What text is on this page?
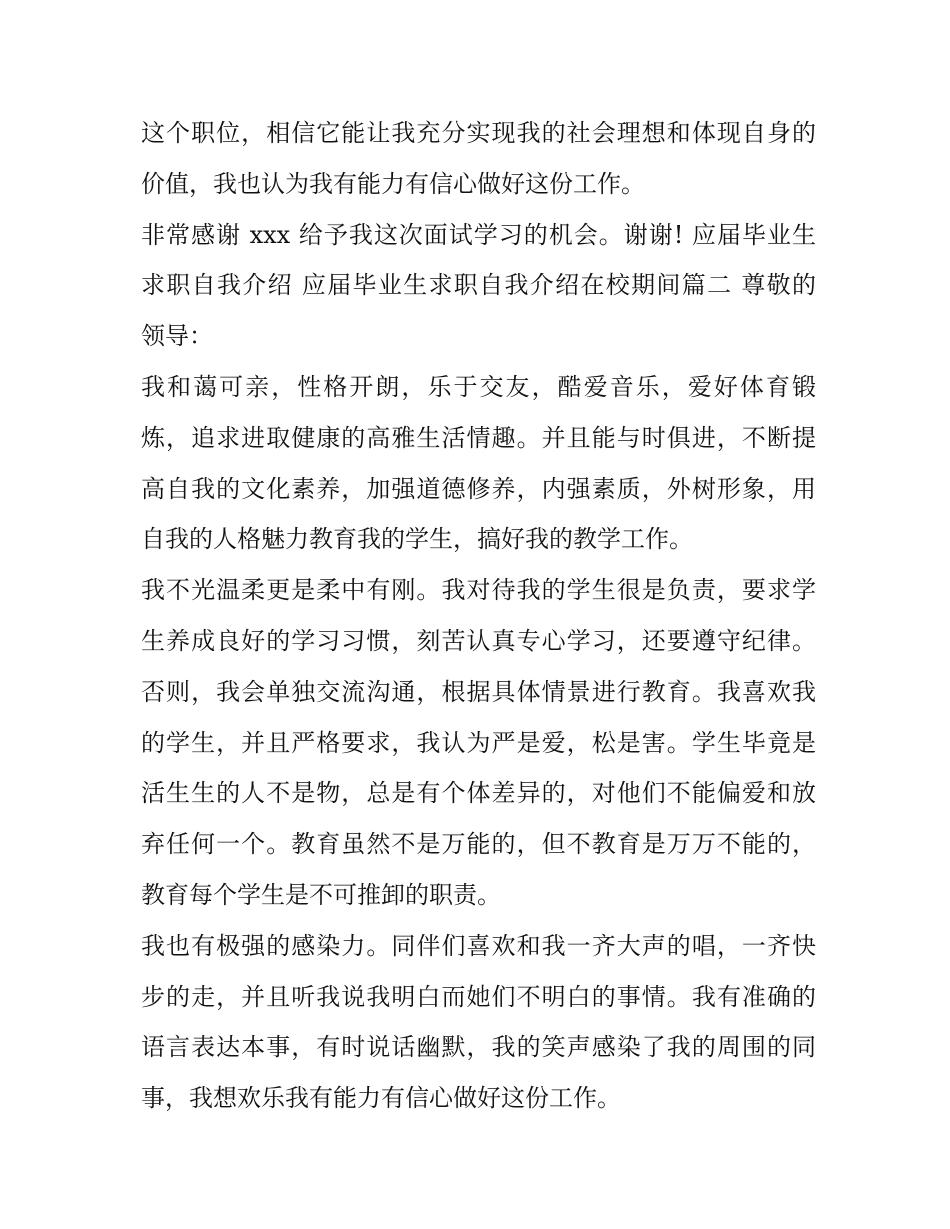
这个职位，相信它能让我充分实现我的社会理想和体现自身的
价值，我也认为我有能力有信心做好这份工作。
非常感谢 xxx 给予我这次面试学习的机会。谢谢! 应届毕业生
求职自我介绍 应届毕业生求职自我介绍在校期间篇二 尊敬的
领导：
我和蔼可亲，性格开朗，乐于交友，酷爱音乐，爱好体育锻
炼，追求进取健康的高雅生活情趣。并且能与时俱进，不断提
高自我的文化素养，加强道德修养，内强素质，外树形象，用
自我的人格魅力教育我的学生，搞好我的教学工作。
我不光温柔更是柔中有刚。我对待我的学生很是负责，要求学
生养成良好的学习习惯，刻苦认真专心学习，还要遵守纪律。
否则，我会单独交流沟通，根据具体情景进行教育。我喜欢我
的学生，并且严格要求，我认为严是爱，松是害。学生毕竟是
活生生的人不是物，总是有个体差异的，对他们不能偏爱和放
弃任何一个。教育虽然不是万能的，但不教育是万万不能的，
教育每个学生是不可推卸的职责。
我也有极强的感染力。同伴们喜欢和我一齐大声的唱，一齐快
步的走，并且听我说我明白而她们不明白的事情。我有准确的
语言表达本事，有时说话幽默，我的笑声感染了我的周围的同
事，我想欢乐我有能力有信心做好这份工作。
